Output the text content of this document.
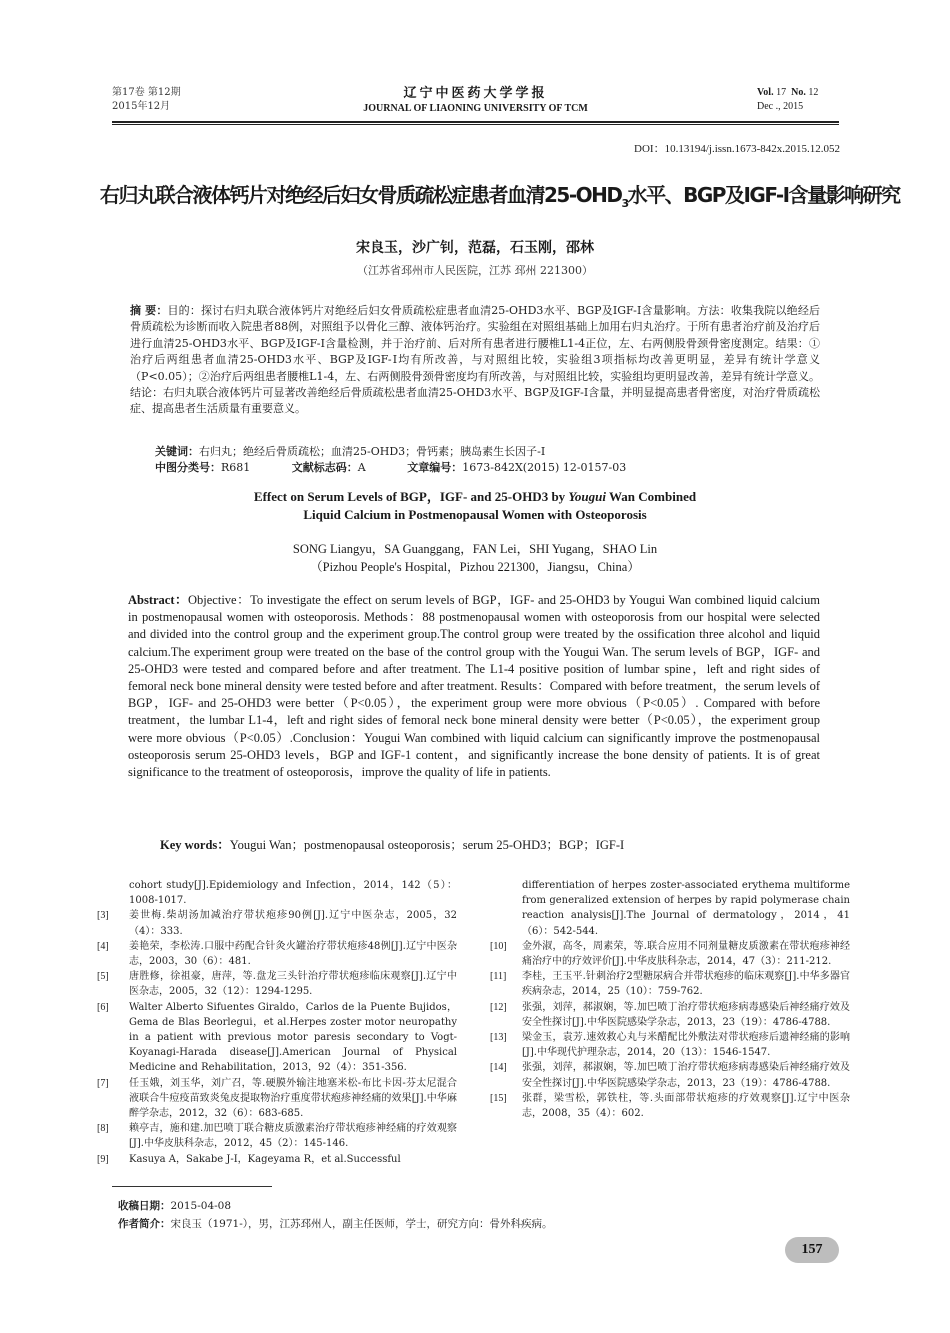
第17卷 第12期
2015年12月
辽宁中医药大学学报
JOURNAL OF LIAONING UNIVERSITY OF TCM
Vol. 17 No. 12
Dec ., 2015
DOI：10.13194/j.issn.1673-842x.2015.12.052
右归丸联合液体钙片对绝经后妇女骨质疏松症患者血清$25-OHD_3$水平、BGP及IGF-Ⅰ含量影响研究
宋良玉，沙广钊，范磊，石玉刚，邵林
（江苏省邳州市人民医院，江苏 邳州 221300）
摘 要：目的：探讨右归丸联合液体钙片对绝经后妇女骨质疏松症患者血清25-OHD3水平、BGP及IGF-Ⅰ含量影响。方法：收集我院以绝经后骨质疏松为诊断而收入院患者88例，对照组予以骨化三醇、液体钙治疗。实验组在对照组基础上加用右归丸治疗。于所有患者治疗前及治疗后进行血清25-OHD3水平、BGP及IGF-Ⅰ含量检测，并于治疗前、后对所有患者进行腰椎L1-4正位，左、右两侧股骨颈骨密度测定。结果：①治疗后两组患者血清25-OHD3水平、BGP及IGF-Ⅰ均有所改善，与对照组比较，实验组3项指标均改善更明显，差异有统计学意义（P<0.05）；②治疗后两组患者腰椎L1-4，左、右两侧股骨颈骨密度均有所改善，与对照组比较，实验组均更明显改善，差异有统计学意义。结论：右归丸联合液体钙片可显著改善绝经后骨质疏松患者血清25-OHD3水平、BGP及IGF-Ⅰ含量，并明显提高患者骨密度，对治疗骨质疏松症、提高患者生活质量有重要意义。
关键词：右归丸；绝经后骨质疏松；血清25-OHD3；骨钙素；胰岛素生长因子-I
中图分类号：R681	文献标志码：A	文章编号：1673-842X(2015) 12-0157-03
Effect on Serum Levels of BGP，IGF- and 25-OHD3 by Yougui Wan Combined
Liquid Calcium in Postmenopausal Women with Osteoporosis
SONG Liangyu，SA Guanggang，FAN Lei，SHI Yugang，SHAO Lin
（Pizhou People's Hospital，Pizhou 221300，Jiangsu，China）
Abstract：Objective：To investigate the effect on serum levels of BGP，IGF- and 25-OHD3 by Yougui Wan combined liquid calcium in postmenopausal women with osteoporosis. Methods：88 postmenopausal women with osteoporosis from our hospital were selected and divided into the control group and the experiment group.The control group were treated by the ossification three alcohol and liquid calcium.The experiment group were treated on the base of the control group with the Yougui Wan. The serum levels of BGP，IGF- and 25-OHD3 were tested and compared before and after treatment. The L1-4 positive position of lumbar spine，left and right sides of femoral neck bone mineral density were tested before and after treatment. Results：Compared with before treatment，the serum levels of BGP，IGF- and 25-OHD3 were better（P<0.05），the experiment group were more obvious（P<0.05）. Compared with before treatment，the lumbar L1-4，left and right sides of femoral neck bone mineral density were better（P<0.05），the experiment group were more obvious（P<0.05）.Conclusion：Yougui Wan combined with liquid calcium can significantly improve the postmenopausal osteoporosis serum 25-OHD3 levels，BGP and IGF-1 content，and significantly increase the bone density of patients. It is of great significance to the treatment of osteoporosis，improve the quality of life in patients.
Key words：Yougui Wan；postmenopausal osteoporosis；serum 25-OHD3；BGP；IGF-I
cohort study[J].Epidemiology and Infection，2014，142（5）：1008-1017.
[3]	姜世梅.柴胡汤加减治疗带状疱疹90例[J].辽宁中医杂志，2005，32（4）：333.
[4]	姜艳荣，李松涛.口服中药配合针灸火罐治疗带状疱疹48例[J].辽宁中医杂志，2003，30（6）：481.
[5]	唐胜修，徐祖豪，唐萍，等.盘龙三头针治疗带状疱疹临床观察[J].辽宁中医杂志，2005，32（12）：1294-1295.
[6]	Walter Alberto Sifuentes Giraldo，Carlos de la Puente Bujidos，Gema de Blas Beorlegui，et al.Herpes zoster motor neuropathy in a patient with previous motor paresis secondary to Vogt-Koyanagi-Harada disease[J].American Journal of Physical Medicine and Rehabilitation，2013，92（4）：351-356.
[7]	任玉娥，刘玉华，刘广召，等.硬膜外输注地塞米松-布比卡因-芬太尼混合液联合牛痘疫苗致炎兔皮提取物治疗重度带状疱疹神经痛的效果[J].中华麻醉学杂志，2012，32（6）：683-685.
[8]	赖亭吉，施和建.加巴喷丁联合糖皮质激素治疗带状疱疹神经痛的疗效观察[J].中华皮肤科杂志，2012，45（2）：145-146.
[9]	Kasuya A，Sakabe J-I，Kageyama R，et al.Successful
differentiation of herpes zoster-associated erythema multiforme from generalized extension of herpes by rapid polymerase chain reaction analysis[J].The Journal of dermatology，2014，41（6）：542-544.
[10]	金外淑，高冬，周素荣，等.联合应用不同剂量糖皮质激素在带状疱疹神经痛治疗中的疗效评价[J].中华皮肤科杂志，2014，47（3）：211-212.
[11]	李桂，王玉平.针刺治疗2型糖尿病合并带状疱疹的临床观察[J].中华多器官疾病杂志，2014，25（10）：759-762.
[12]	张强，刘萍，郝淑娴，等.加巴喷丁治疗带状疱疹病毒感染后神经痛疗效及安全性探讨[J].中华医院感染学杂志，2013，23（19）：4786-4788.
[13]	梁金玉，袁芳.速效救心丸与米醋配比外敷法对带状疱疹后遗神经痛的影响[J].中华现代护理杂志，2014，20（13）：1546-1547.
[14]	张强，刘萍，郝淑娴，等.加巴喷丁治疗带状疱疹病毒感染后神经痛疗效及安全性探讨[J].中华医院感染学杂志，2013，23（19）：4786-4788.
[15]	张群，梁雪松，郭铁柱，等.头面部带状疱疹的疗效观察[J].辽宁中医杂志，2008，35（4）：602.
收稿日期：2015-04-08
作者简介：宋良玉（1971-），男，江苏邳州人，副主任医师，学士，研究方向：骨外科疾病。
157
